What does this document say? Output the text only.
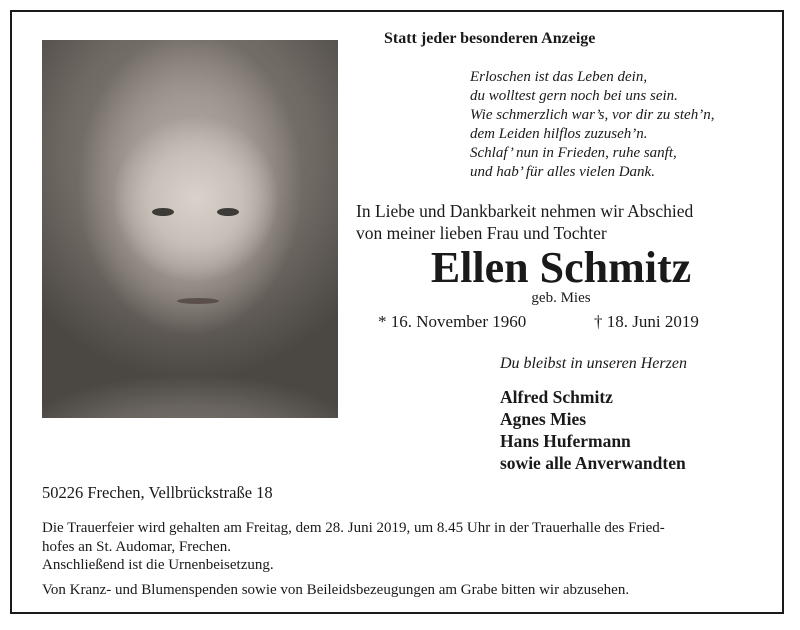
Statt jeder besonderen Anzeige
Erloschen ist das Leben dein,
du wolltest gern noch bei uns sein.
Wie schmerzlich war’s, vor dir zu steh’n,
dem Leiden hilflos zuzuseh’n.
Schlaf’ nun in Frieden, ruhe sanft,
und hab’ für alles vielen Dank.
In Liebe und Dankbarkeit nehmen wir Abschied
von meiner lieben Frau und Tochter
Ellen Schmitz
geb. Mies
* 16. November 1960	† 18. Juni 2019
Du bleibst in unseren Herzen
Alfred Schmitz
Agnes Mies
Hans Hufermann
sowie alle Anverwandten
50226 Frechen, Vellbrückstraße 18
Die Trauerfeier wird gehalten am Freitag, dem 28. Juni 2019, um 8.45 Uhr in der Trauerhalle des Fried-
hofes an St. Audomar, Frechen.
Anschließend ist die Urnenbeisetzung.
Von Kranz- und Blumenspenden sowie von Beileidsbezeugungen am Grabe bitten wir abzusehen.
